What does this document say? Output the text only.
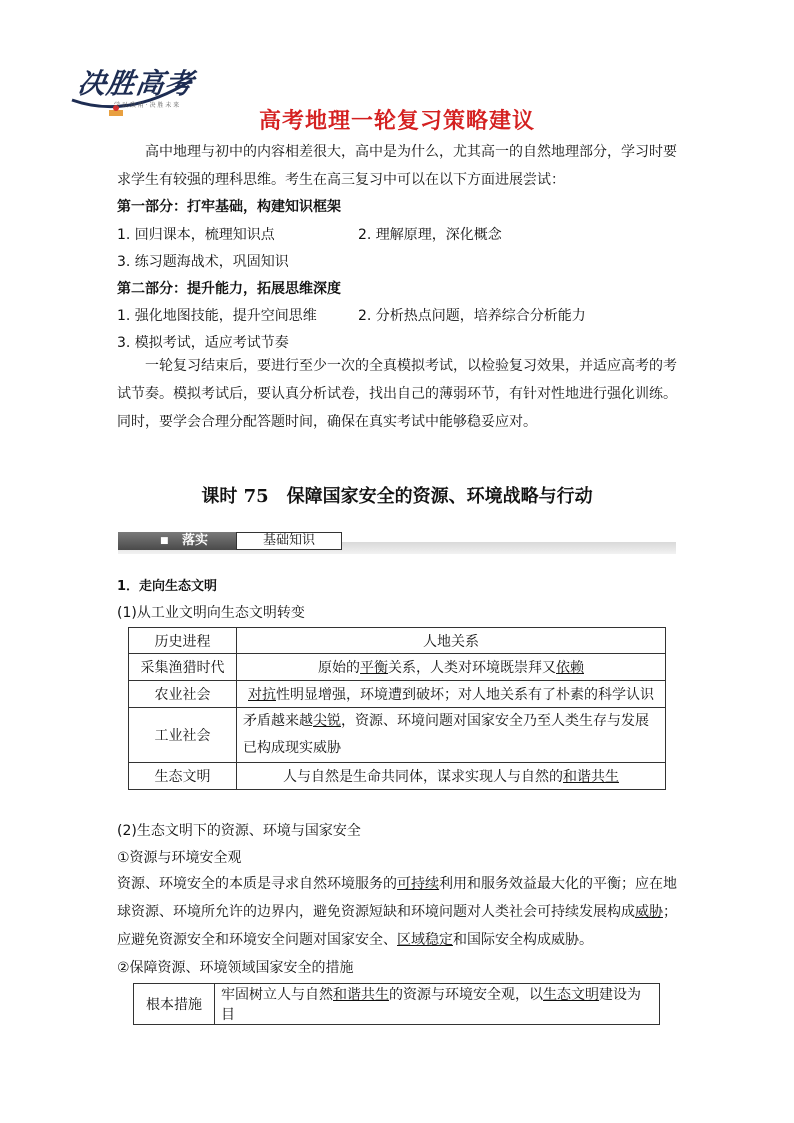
决胜高考
学 以 致 用 · 决 胜 未 来
高考地理一轮复习策略建议
高中地理与初中的内容相差很大，高中是为什么，尤其高一的自然地理部分，学习时要求学生有较强的理科思维。考生在高三复习中可以在以下方面进展尝试：
第一部分：打牢基础，构建知识框架
1. 回归课本，梳理知识点	2. 理解原理，深化概念
3. 练习题海战术，巩固知识
第二部分：提升能力，拓展思维深度
1. 强化地图技能，提升空间思维	2. 分析热点问题，培养综合分析能力
3. 模拟考试，适应考试节奏
一轮复习结束后，要进行至少一次的全真模拟考试，以检验复习效果，并适应高考的考试节奏。模拟考试后，要认真分析试卷，找出自己的薄弱环节，有针对性地进行强化训练。同时，要学会合理分配答题时间，确保在真实考试中能够稳妥应对。
课时 75　保障国家安全的资源、环境战略与行动
■ 落实	基础知识
1．走向生态文明
(1)从工业文明向生态文明转变
历史进程	人地关系
采集渔猎时代	原始的平衡关系，人类对环境既崇拜又依赖
农业社会	对抗性明显增强，环境遭到破坏；对人地关系有了朴素的科学认识
工业社会	矛盾越来越尖锐，资源、环境问题对国家安全乃至人类生存与发展已构成现实威胁
生态文明	人与自然是生命共同体，谋求实现人与自然的和谐共生
(2)生态文明下的资源、环境与国家安全
①资源与环境安全观
资源、环境安全的本质是寻求自然环境服务的可持续利用和服务效益最大化的平衡；应在地球资源、环境所允许的边界内，避免资源短缺和环境问题对人类社会可持续发展构成威胁；应避免资源安全和环境安全问题对国家安全、区域稳定和国际安全构成威胁。
②保障资源、环境领域国家安全的措施
根本措施	牢固树立人与自然和谐共生的资源与环境安全观，以生态文明建设为目
